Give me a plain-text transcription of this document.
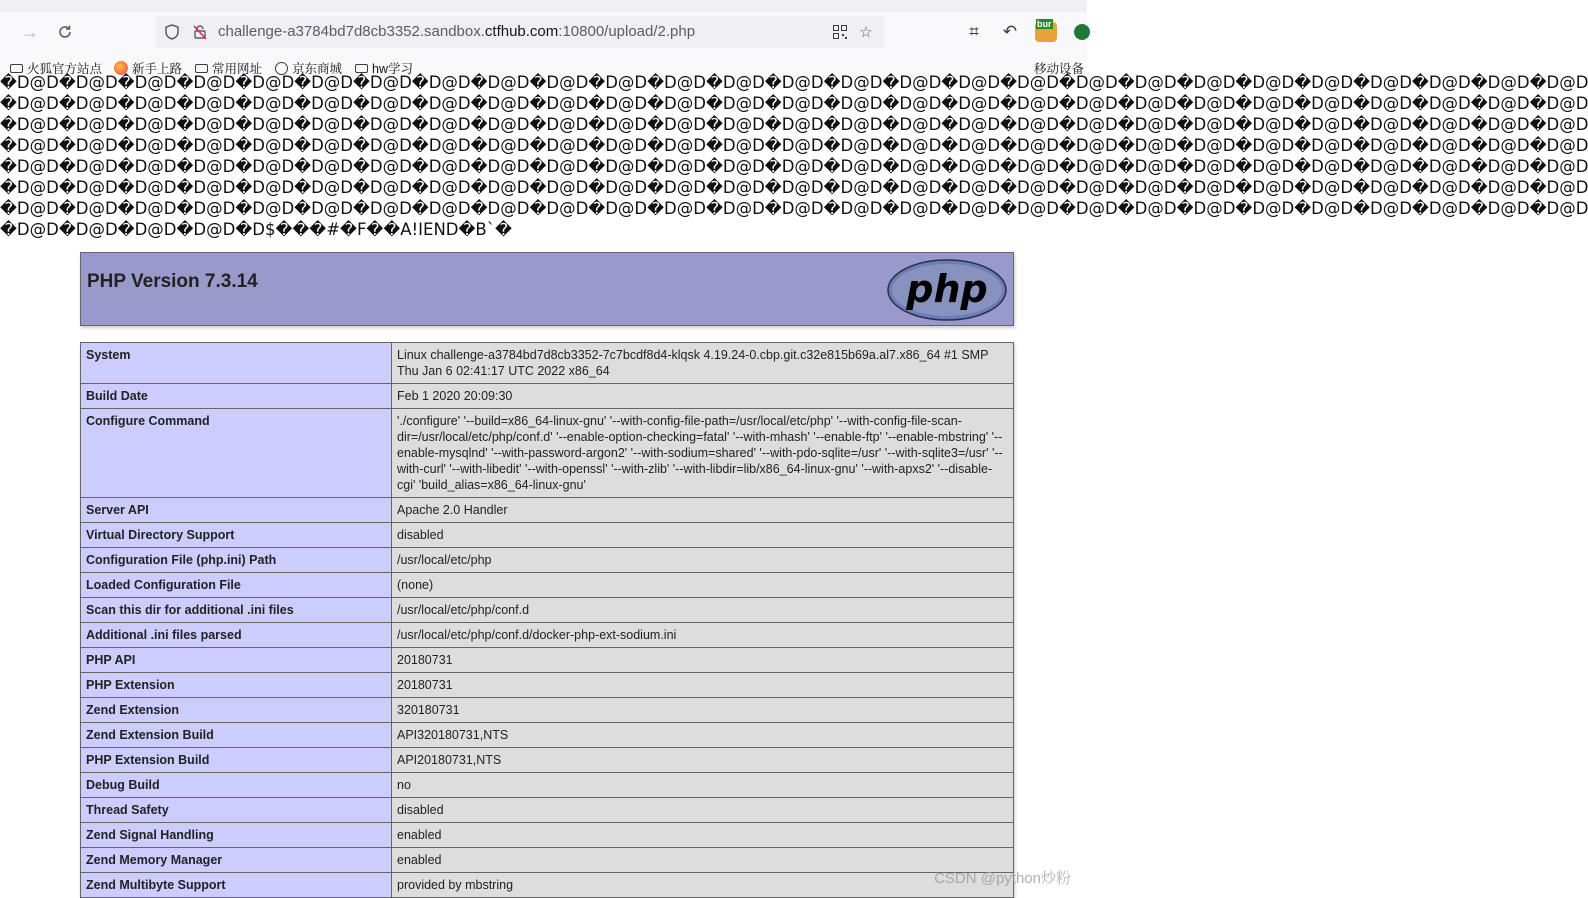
→	challenge-a3784bd7d8cb3352.sandbox.ctfhub.com:10800/upload/2.php	☆	⌗	↶	bur
火狐官方站点 新手上路 常用网址 京东商城 hw学习	移动设备
�D@D�D@D�D@D�D@D�D@D�D@D�D@D�D@D�D@D�D@D�D@D�D@D�D@D�D@D�D@D�D@D�D@D�D@D�D@D�D@D�D@D�D@D�D@D�D@D�D@D�D@D�D@D
�D@D�D@D�D@D�D@D�D@D�D@D�D@D�D@D�D@D�D@D�D@D�D@D�D@D�D@D�D@D�D@D�D@D�D@D�D@D�D@D�D@D�D@D�D@D�D@D�D@D�D@D�D@D
�D@D�D@D�D@D�D@D�D@D�D@D�D@D�D@D�D@D�D@D�D@D�D@D�D@D�D@D�D@D�D@D�D@D�D@D�D@D�D@D�D@D�D@D�D@D�D@D�D@D�D@D�D@D
�D@D�D@D�D@D�D@D�D@D�D@D�D@D�D@D�D@D�D@D�D@D�D@D�D@D�D@D�D@D�D@D�D@D�D@D�D@D�D@D�D@D�D@D�D@D�D@D�D@D�D@D�D@D
�D@D�D@D�D@D�D@D�D@D�D@D�D@D�D@D�D@D�D@D�D@D�D@D�D@D�D@D�D@D�D@D�D@D�D@D�D@D�D@D�D@D�D@D�D@D�D@D�D@D�D@D�D@D
�D@D�D@D�D@D�D@D�D@D�D@D�D@D�D@D�D@D�D@D�D@D�D@D�D@D�D@D�D@D�D@D�D@D�D@D�D@D�D@D�D@D�D@D�D@D�D@D�D@D�D@D�D@D
�D@D�D@D�D@D�D@D�D@D�D@D�D@D�D@D�D@D�D@D�D@D�D@D�D@D�D@D�D@D�D@D�D@D�D@D�D@D�D@D�D@D�D@D�D@D�D@D�D@D�D@D�D@D
�D@D�D@D�D@D�D@D�D$���#�F��A!IEND�B`�
PHP Version 7.3.14	php
System	Linux challenge-a3784bd7d8cb3352-7c7bcdf8d4-klqsk 4.19.24-0.cbp.git.c32e815b69a.al7.x86_64 #1 SMP Thu Jan 6 02:41:17 UTC 2022 x86_64
Build Date	Feb 1 2020 20:09:30
Configure Command	'./configure' '--build=x86_64-linux-gnu' '--with-config-file-path=/usr/local/etc/php' '--with-config-file-scan-dir=/usr/local/etc/php/conf.d' '--enable-option-checking=fatal' '--with-mhash' '--enable-ftp' '--enable-mbstring' '--enable-mysqlnd' '--with-password-argon2' '--with-sodium=shared' '--with-pdo-sqlite=/usr' '--with-sqlite3=/usr' '--with-curl' '--with-libedit' '--with-openssl' '--with-zlib' '--with-libdir=lib/x86_64-linux-gnu' '--with-apxs2' '--disable-cgi' 'build_alias=x86_64-linux-gnu'
Server API	Apache 2.0 Handler
Virtual Directory Support	disabled
Configuration File (php.ini) Path	/usr/local/etc/php
Loaded Configuration File	(none)
Scan this dir for additional .ini files	/usr/local/etc/php/conf.d
Additional .ini files parsed	/usr/local/etc/php/conf.d/docker-php-ext-sodium.ini
PHP API	20180731
PHP Extension	20180731
Zend Extension	320180731
Zend Extension Build	API320180731,NTS
PHP Extension Build	API20180731,NTS
Debug Build	no
Thread Safety	disabled
Zend Signal Handling	enabled
Zend Memory Manager	enabled
Zend Multibyte Support	provided by mbstring	CSDN @python炒粉
